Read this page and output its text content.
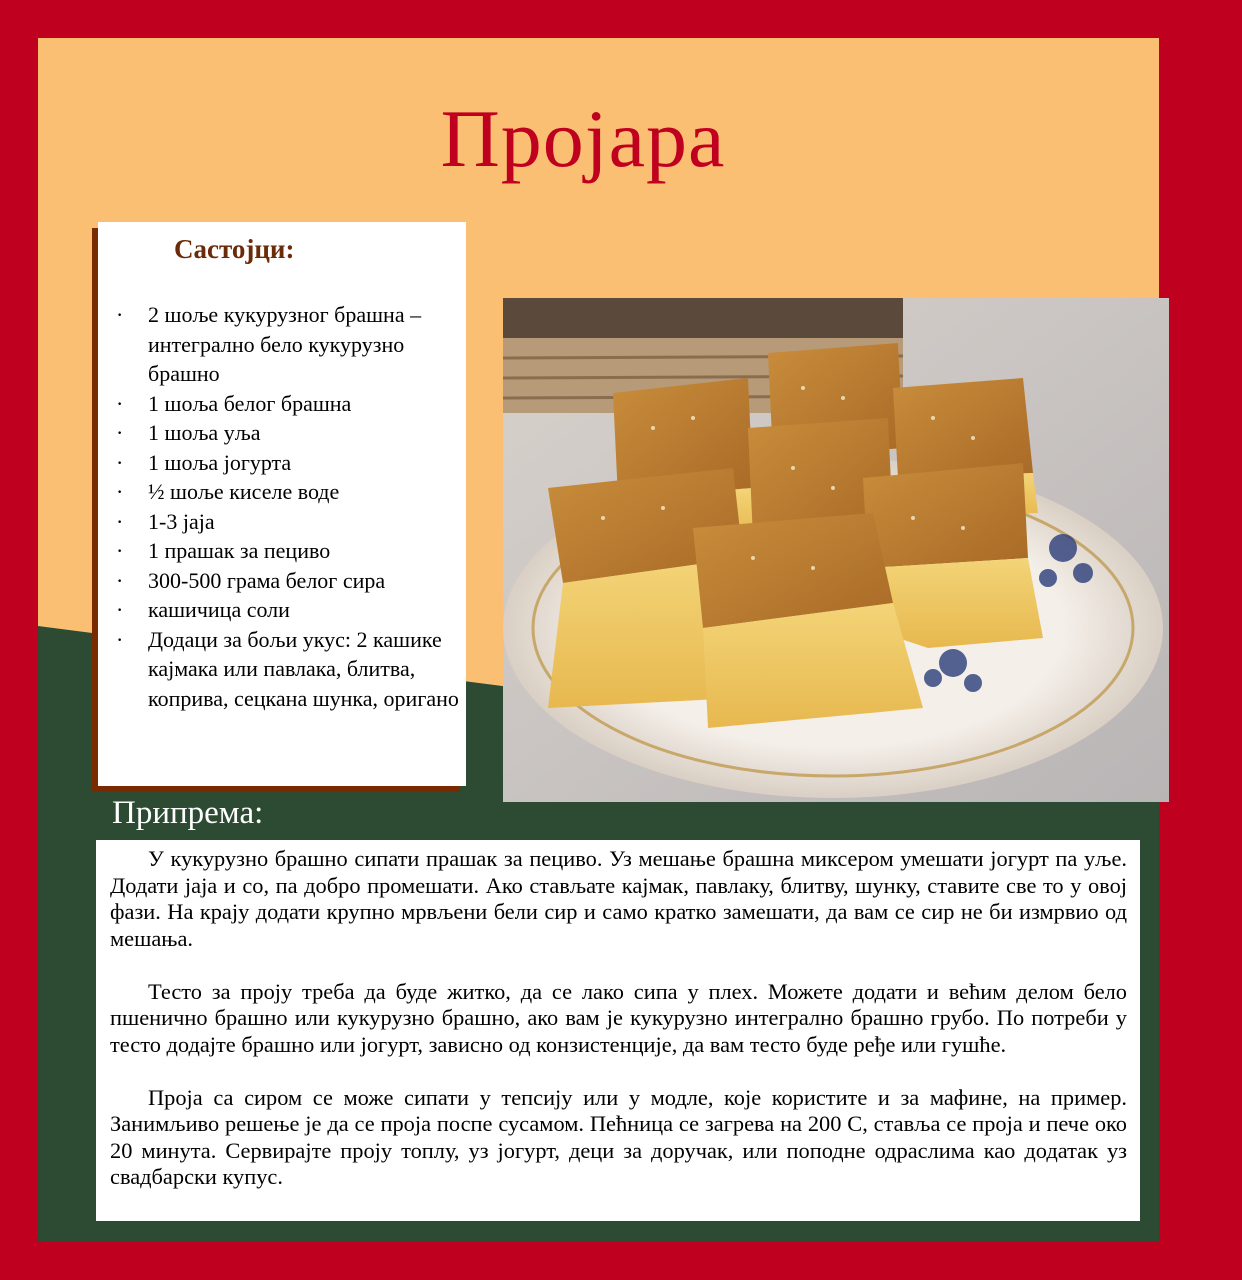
Пројара
Састојци:
· 2 шоље кукурузног брашна – интегрално бело кукурузно брашно
· 1 шоља белог брашна
· 1 шоља уља
· 1 шоља јогурта
· ½ шоље киселе воде
· 1-3 јаја
· 1 прашак за пециво
· 300-500 грама белог сира
· кашичица соли
· Додаци за бољи укус: 2 кашике кајмака или павлака, блитва, коприва, сецкана шунка, оригано
Припрема:

У кукурузно брашно сипати прашак за пециво. Уз мешање брашна миксером умешати јогурт па уље. Додати јаја и со, па добро промешати. Ако стављате кајмак, павлаку, блитву, шунку, ставите све то у овој фази. На крају додати крупно мрвљени бели сир и само кратко замешати, да вам се сир не би измрвио од мешања.

Тесто за проју треба да буде житко, да се лако сипа у плех. Можете додати и већим делом бело пшенично брашно или кукурузно брашно, ако вам је кукурузно интегрално брашно грубо. По потреби у тесто додајте брашно или јогурт, зависно од конзистенције, да вам тесто буде ређе или гушће.

Проја са сиром се може сипати у тепсију или у модле, које користите и за мафине, на пример. Занимљиво решење је да се проја поспе сусамом. Пећница се загрева на 200 С, ставља се проја и пече око 20 минута. Сервирајте проју топлу, уз јогурт, деци за доручак, или поподне одраслима као додатак уз свадбарски купус.
